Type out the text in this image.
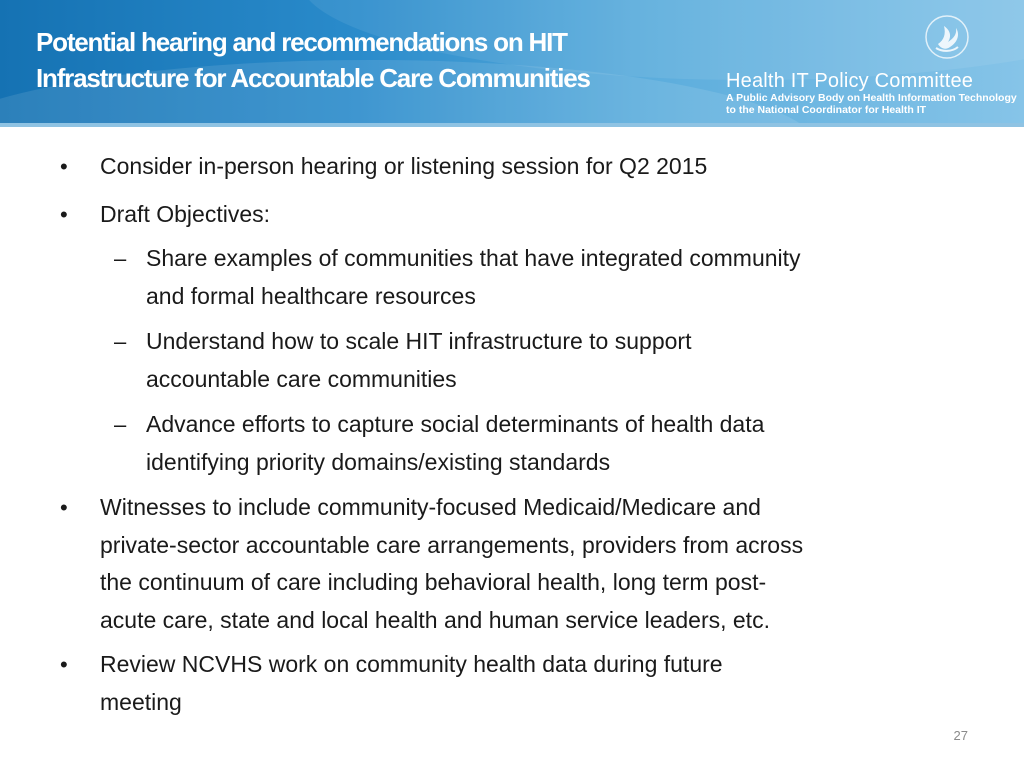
Potential hearing and recommendations on HIT
Infrastructure for Accountable Care Communities	Health IT Policy Committee
A Public Advisory Body on Health Information Technology
to the National Coordinator for Health IT
• Consider in-person hearing or listening session for Q2 2015
• Draft Objectives:
– Share examples of communities that have integrated community
and formal healthcare resources
– Understand how to scale HIT infrastructure to support
accountable care communities
– Advance efforts to capture social determinants of health data
identifying priority domains/existing standards
• Witnesses to include community-focused Medicaid/Medicare and
private-sector accountable care arrangements, providers from across
the continuum of care including behavioral health, long term post-
acute care, state and local health and human service leaders, etc.
• Review NCVHS work on community health data during future
meeting
27
